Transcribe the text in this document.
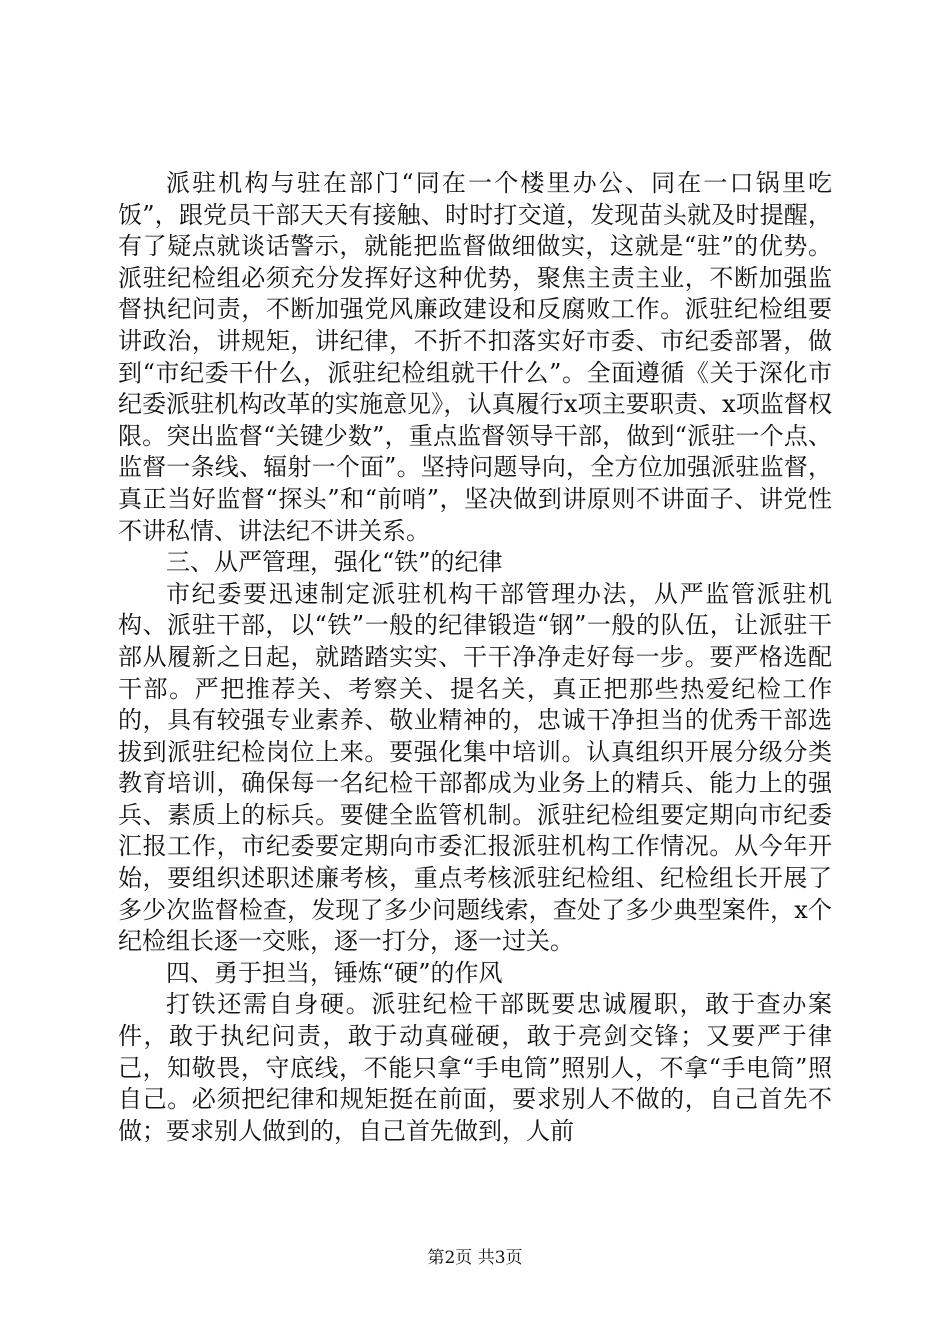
派驻机构与驻在部门“同在一个楼里办公、同在一口锅里吃饭”，跟党员干部天天有接触、时时打交道，发现苗头就及时提醒，有了疑点就谈话警示，就能把监督做细做实，这就是“驻”的优势。派驻纪检组必须充分发挥好这种优势，聚焦主责主业，不断加强监督执纪问责，不断加强党风廉政建设和反腐败工作。派驻纪检组要讲政治，讲规矩，讲纪律，不折不扣落实好市委、市纪委部署，做到“市纪委干什么，派驻纪检组就干什么”。全面遵循《关于深化市纪委派驻机构改革的实施意见》，认真履行x项主要职责、x项监督权限。突出监督“关键少数”，重点监督领导干部，做到“派驻一个点、监督一条线、辐射一个面”。坚持问题导向，全方位加强派驻监督，真正当好监督“探头”和“前哨”，坚决做到讲原则不讲面子、讲党性不讲私情、讲法纪不讲关系。

三、从严管理，强化“铁”的纪律

市纪委要迅速制定派驻机构干部管理办法，从严监管派驻机构、派驻干部，以“铁”一般的纪律锻造“钢”一般的队伍，让派驻干部从履新之日起，就踏踏实实、干干净净走好每一步。要严格选配干部。严把推荐关、考察关、提名关，真正把那些热爱纪检工作的，具有较强专业素养、敬业精神的，忠诚干净担当的优秀干部选拔到派驻纪检岗位上来。要强化集中培训。认真组织开展分级分类教育培训，确保每一名纪检干部都成为业务上的精兵、能力上的强兵、素质上的标兵。要健全监管机制。派驻纪检组要定期向市纪委汇报工作，市纪委要定期向市委汇报派驻机构工作情况。从今年开始，要组织述职述廉考核，重点考核派驻纪检组、纪检组长开展了多少次监督检查，发现了多少问题线索，查处了多少典型案件，x个纪检组长逐一交账，逐一打分，逐一过关。

四、勇于担当，锤炼“硬”的作风

打铁还需自身硬。派驻纪检干部既要忠诚履职，敢于查办案件，敢于执纪问责，敢于动真碰硬，敢于亮剑交锋；又要严于律己，知敬畏，守底线，不能只拿“手电筒”照别人，不拿“手电筒”照自己。必须把纪律和规矩挺在前面，要求别人不做的，自己首先不做；要求别人做到的，自己首先做到，人前

第2页 共3页
